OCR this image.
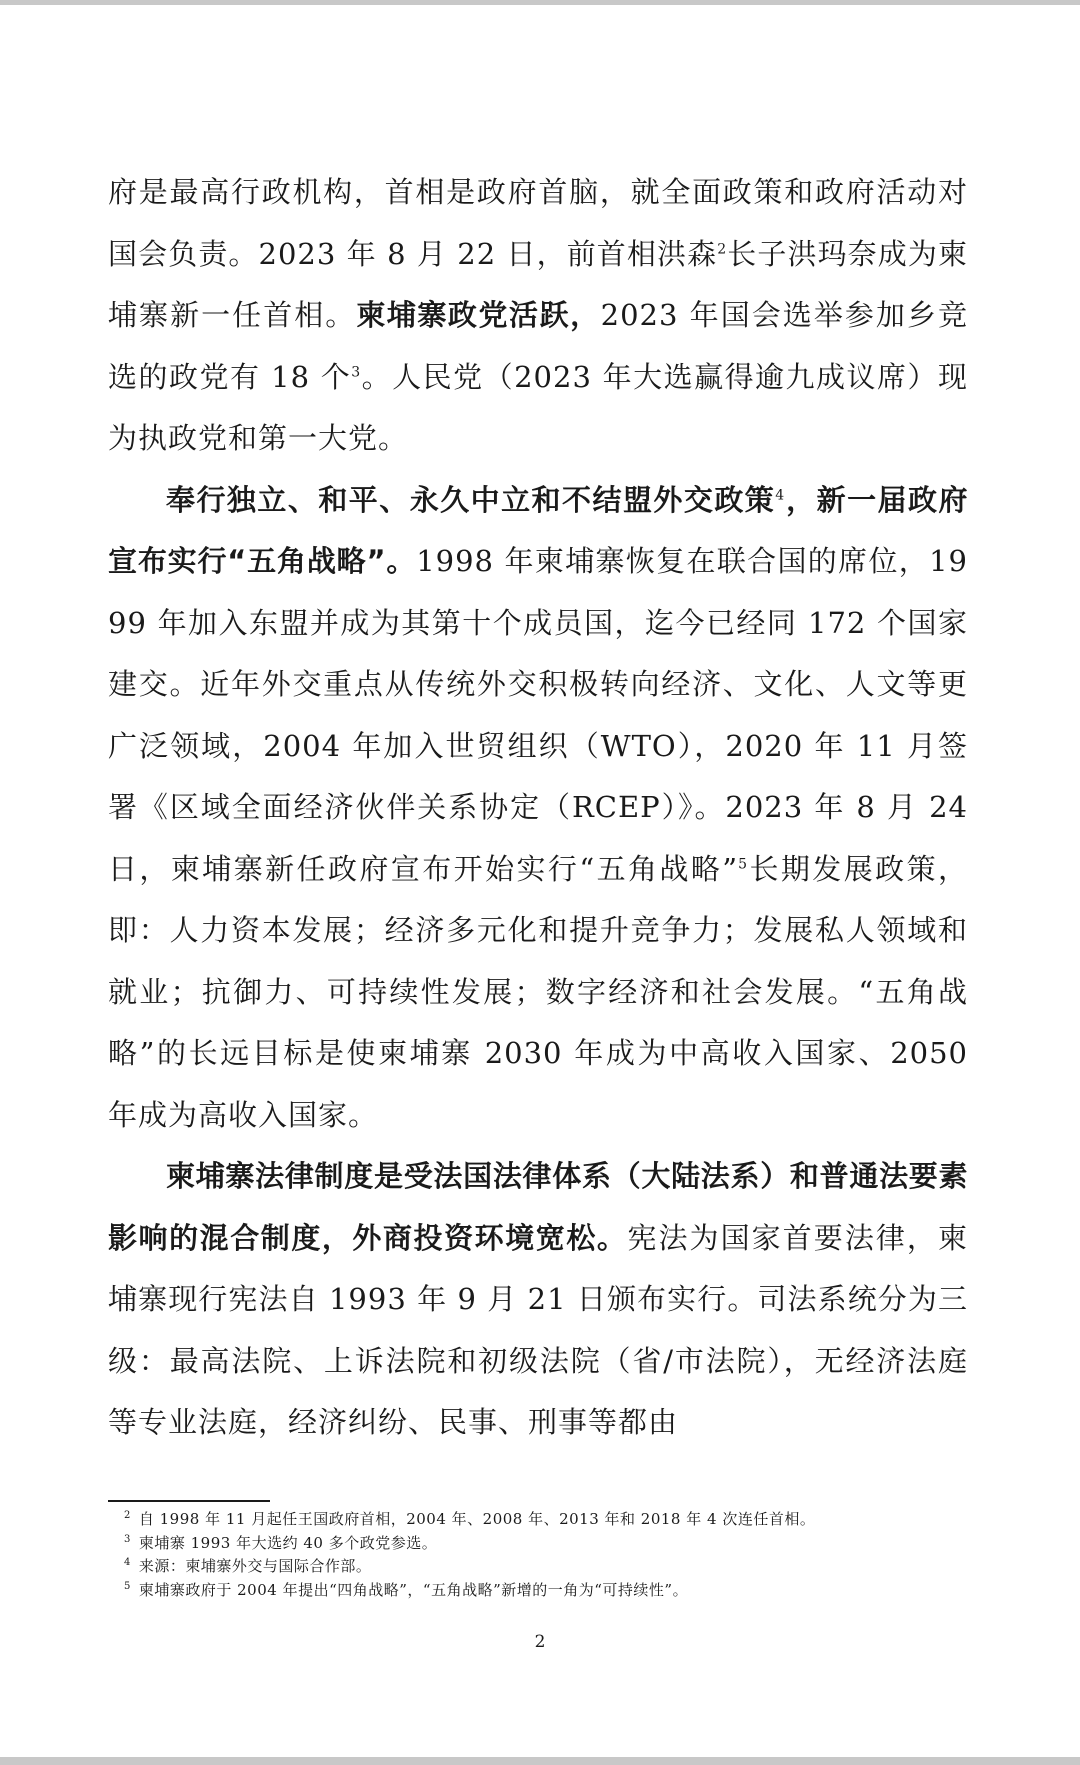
府是最高行政机构，首相是政府首脑，就全面政策和政府活动对国会负责。2023 年 8 月 22 日，前首相洪森$^2$长子洪玛奈成为柬埔寨新一任首相。柬埔寨政党活跃，2023 年国会选举参加乡竞选的政党有 18 个$^3$。人民党（2023 年大选赢得逾九成议席）现为执政党和第一大党。

奉行独立、和平、永久中立和不结盟外交政策$^4$，新一届政府宣布实行“五角战略”。1998 年柬埔寨恢复在联合国的席位，1999 年加入东盟并成为其第十个成员国，迄今已经同 172 个国家建交。近年外交重点从传统外交积极转向经济、文化、人文等更广泛领域，2004 年加入世贸组织（WTO），2020 年 11 月签署《区域全面经济伙伴关系协定（RCEP）》。2023 年 8 月 24 日，柬埔寨新任政府宣布开始实行“五角战略”$^5$长期发展政策，即：人力资本发展；经济多元化和提升竞争力；发展私人领域和就业；抗御力、可持续性发展；数字经济和社会发展。“五角战略”的长远目标是使柬埔寨 2030 年成为中高收入国家、2050 年成为高收入国家。

柬埔寨法律制度是受法国法律体系（大陆法系）和普通法要素影响的混合制度，外商投资环境宽松。宪法为国家首要法律，柬埔寨现行宪法自 1993 年 9 月 21 日颁布实行。司法系统分为三级：最高法院、上诉法院和初级法院（省/市法院），无经济法庭等专业法庭，经济纠纷、民事、刑事等都由

$^2$ 自 1998 年 11 月起任王国政府首相，2004 年、2008 年、2013 年和 2018 年 4 次连任首相。

$^3$ 柬埔寨 1993 年大选约 40 多个政党参选。

$^4$ 来源：柬埔寨外交与国际合作部。

$^5$ 柬埔寨政府于 2004 年提出“四角战略”，“五角战略”新增的一角为“可持续性”。

2
